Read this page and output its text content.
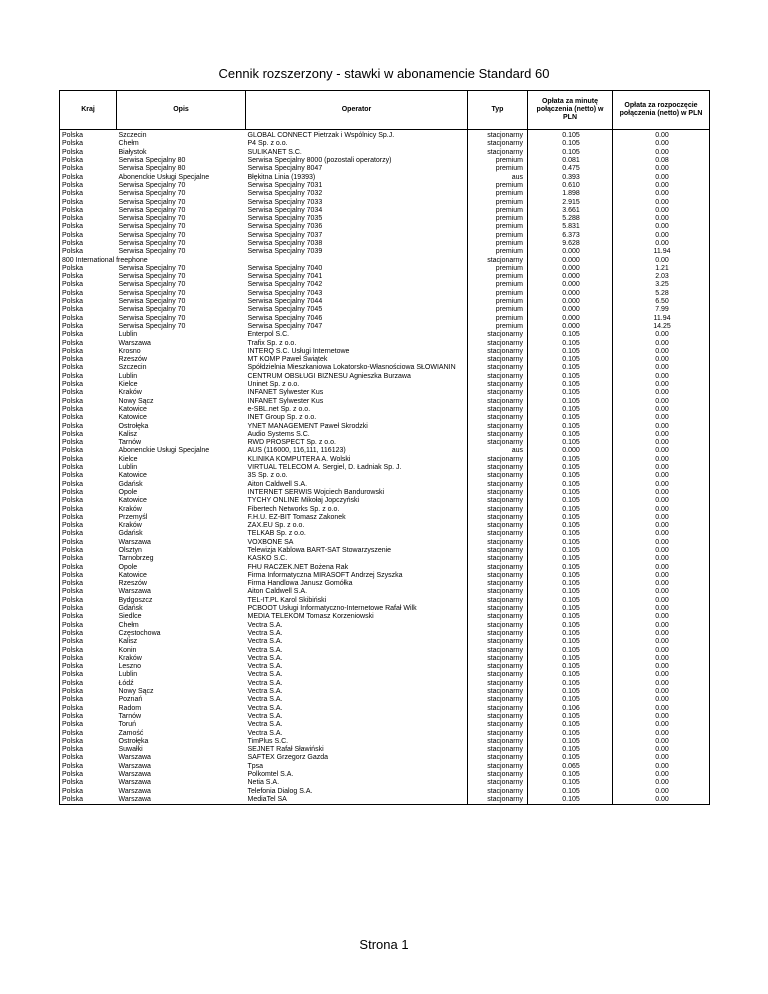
Cennik rozszerzony - stawki w abonamencie Standard 60
Kraj	Opis	Operator	Typ	Opłata za minutę połączenia (netto) w PLN	Opłata za rozpoczęcie połączenia (netto) w PLN
Polska	Szczecin	GLOBAL CONNECT Pietrzak i Wspólnicy Sp.J.	stacjonarny	0.105	0.00
Polska	Chełm	P4 Sp. z o.o.	stacjonarny	0.105	0.00
Polska	Białystok	SULIKANET S.C.	stacjonarny	0.105	0.00
Polska	Serwisa Specjalny 80	Serwisa Specjalny 8000 (pozostali operatorzy)	premium	0.081	0.08
Polska	Serwisa Specjalny 80	Serwisa Specjalny 8047	premium	0.475	0.00
Polska	Abonenckie Usługi Specjalne	Błękitna Linia (19393)	aus	0.393	0.00
Polska	Serwisa Specjalny 70	Serwisa Specjalny 7031	premium	0.610	0.00
Polska	Serwisa Specjalny 70	Serwisa Specjalny 7032	premium	1.898	0.00
Polska	Serwisa Specjalny 70	Serwisa Specjalny 7033	premium	2.915	0.00
Polska	Serwisa Specjalny 70	Serwisa Specjalny 7034	premium	3.661	0.00
Polska	Serwisa Specjalny 70	Serwisa Specjalny 7035	premium	5.288	0.00
Polska	Serwisa Specjalny 70	Serwisa Specjalny 7036	premium	5.831	0.00
Polska	Serwisa Specjalny 70	Serwisa Specjalny 7037	premium	6.373	0.00
Polska	Serwisa Specjalny 70	Serwisa Specjalny 7038	premium	9.628	0.00
Polska	Serwisa Specjalny 70	Serwisa Specjalny 7039	premium	0.000	11.94
800 International freephone			stacjonarny	0.000	0.00
Polska	Serwisa Specjalny 70	Serwisa Specjalny 7040	premium	0.000	1.21
Polska	Serwisa Specjalny 70	Serwisa Specjalny 7041	premium	0.000	2.03
Polska	Serwisa Specjalny 70	Serwisa Specjalny 7042	premium	0.000	3.25
Polska	Serwisa Specjalny 70	Serwisa Specjalny 7043	premium	0.000	5.28
Polska	Serwisa Specjalny 70	Serwisa Specjalny 7044	premium	0.000	6.50
Polska	Serwisa Specjalny 70	Serwisa Specjalny 7045	premium	0.000	7.99
Polska	Serwisa Specjalny 70	Serwisa Specjalny 7046	premium	0.000	11.94
Polska	Serwisa Specjalny 70	Serwisa Specjalny 7047	premium	0.000	14.25
Polska	Lublin	Enterpol S.C.	stacjonarny	0.105	0.00
Polska	Warszawa	Trafix Sp. z o.o.	stacjonarny	0.105	0.00
Polska	Krosno	INTERQ S.C. Usługi Internetowe	stacjonarny	0.105	0.00
Polska	Rzeszów	MT KOMP Paweł Świątek	stacjonarny	0.105	0.00
Polska	Szczecin	Spółdzielnia Mieszkaniowa Lokatorsko-Własnościowa SŁOWIANIN	stacjonarny	0.105	0.00
Polska	Lublin	CENTRUM OBSŁUGI BIZNESU Agnieszka Burzawa	stacjonarny	0.105	0.00
Polska	Kielce	Uninet Sp. z o.o.	stacjonarny	0.105	0.00
Polska	Kraków	INFANET Sylwester Kus	stacjonarny	0.105	0.00
Polska	Nowy Sącz	INFANET Sylwester Kus	stacjonarny	0.105	0.00
Polska	Katowice	e-SBL.net Sp. z o.o.	stacjonarny	0.105	0.00
Polska	Katowice	INET Group Sp. z o.o.	stacjonarny	0.105	0.00
Polska	Ostrołęka	YNET MANAGEMENT Paweł Skrodzki	stacjonarny	0.105	0.00
Polska	Kalisz	Audio Systems S.C.	stacjonarny	0.105	0.00
Polska	Tarnów	RWD PROSPECT Sp. z o.o.	stacjonarny	0.105	0.00
Polska	Abonenckie Usługi Specjalne	AUS (116000, 116,111, 116123)	aus	0.000	0.00
Polska	Kielce	KLINIKA KOMPUTERA A. Wolski	stacjonarny	0.105	0.00
Polska	Lublin	VIRTUAL TELECOM A. Sergiel, D. Ładniak Sp. J.	stacjonarny	0.105	0.00
Polska	Katowice	3S Sp. z o.o.	stacjonarny	0.105	0.00
Polska	Gdańsk	Aiton Caldwell S.A.	stacjonarny	0.105	0.00
Polska	Opole	INTERNET SERWIS Wojciech Bandurowski	stacjonarny	0.105	0.00
Polska	Katowice	TYCHY ONLINE Mikołaj Jopczyński	stacjonarny	0.105	0.00
Polska	Kraków	Fibertech Networks Sp. z o.o.	stacjonarny	0.105	0.00
Polska	Przemyśl	F.H.U. EZ-BIT Tomasz Zakonek	stacjonarny	0.105	0.00
Polska	Kraków	ZAX.EU Sp. z o.o.	stacjonarny	0.105	0.00
Polska	Gdańsk	TELKAB Sp. z o.o.	stacjonarny	0.105	0.00
Polska	Warszawa	VOXBONE SA	stacjonarny	0.105	0.00
Polska	Olsztyn	Telewizja Kablowa BART-SAT Stowarzyszenie	stacjonarny	0.105	0.00
Polska	Tarnobrzeg	KASKO S.C.	stacjonarny	0.105	0.00
Polska	Opole	FHU RACZEK.NET Bożena Rak	stacjonarny	0.105	0.00
Polska	Katowice	Firma Informatyczna MIRASOFT Andrzej Szyszka	stacjonarny	0.105	0.00
Polska	Rzeszów	Firma Handlowa Janusz Gomółka	stacjonarny	0.105	0.00
Polska	Warszawa	Aiton Caldwell S.A.	stacjonarny	0.105	0.00
Polska	Bydgoszcz	TEL-IT.PL Karol Skibiński	stacjonarny	0.105	0.00
Polska	Gdańsk	PCBOOT Usługi Informatyczno-Internetowe Rafał Wilk	stacjonarny	0.105	0.00
Polska	Siedlce	MEDIA TELEKOM Tomasz Korzeniowski	stacjonarny	0.105	0.00
Polska	Chełm	Vectra S.A.	stacjonarny	0.105	0.00
Polska	Częstochowa	Vectra S.A.	stacjonarny	0.105	0.00
Polska	Kalisz	Vectra S.A.	stacjonarny	0.105	0.00
Polska	Konin	Vectra S.A.	stacjonarny	0.105	0.00
Polska	Kraków	Vectra S.A.	stacjonarny	0.105	0.00
Polska	Leszno	Vectra S.A.	stacjonarny	0.105	0.00
Polska	Lublin	Vectra S.A.	stacjonarny	0.105	0.00
Polska	Łódź	Vectra S.A.	stacjonarny	0.105	0.00
Polska	Nowy Sącz	Vectra S.A.	stacjonarny	0.105	0.00
Polska	Poznań	Vectra S.A.	stacjonarny	0.105	0.00
Polska	Radom	Vectra S.A.	stacjonarny	0.106	0.00
Polska	Tarnów	Vectra S.A.	stacjonarny	0.105	0.00
Polska	Toruń	Vectra S.A.	stacjonarny	0.105	0.00
Polska	Zamość	Vectra S.A.	stacjonarny	0.105	0.00
Polska	Ostrołęka	TimPlus S.C.	stacjonarny	0.105	0.00
Polska	Suwałki	SEJNET Rafał Sławiński	stacjonarny	0.105	0.00
Polska	Warszawa	SAFTEX Grzegorz Gazda	stacjonarny	0.105	0.00
Polska	Warszawa	Tpsa	stacjonarny	0.065	0.00
Polska	Warszawa	Polkomtel S.A.	stacjonarny	0.105	0.00
Polska	Warszawa	Netia S.A.	stacjonarny	0.105	0.00
Polska	Warszawa	Telefonia Dialog S.A.	stacjonarny	0.105	0.00
Polska	Warszawa	MediaTel SA	stacjonarny	0.105	0.00
Strona 1
